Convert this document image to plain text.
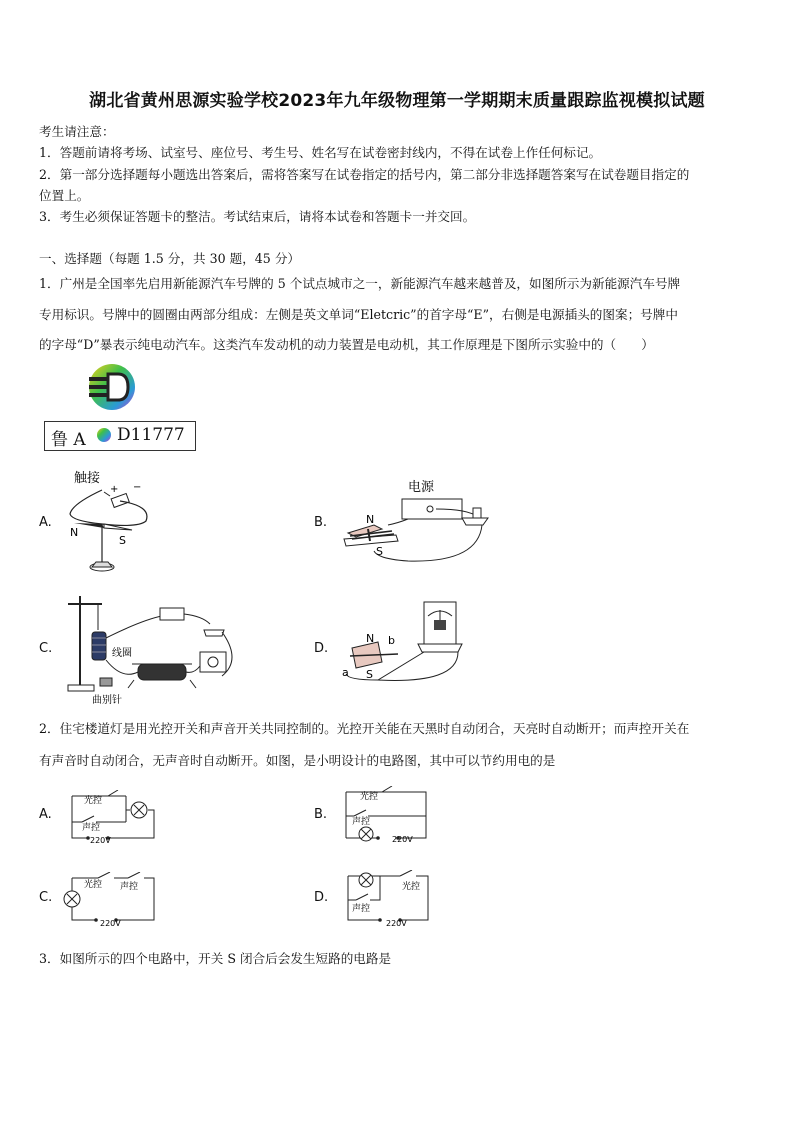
湖北省黄州思源实验学校2023年九年级物理第一学期期末质量跟踪监视模拟试题
考生请注意：
1．答题前请将考场、试室号、座位号、考生号、姓名写在试卷密封线内，不得在试卷上作任何标记。
2．第一部分选择题每小题选出答案后，需将答案写在试卷指定的括号内，第二部分非选择题答案写在试卷题目指定的
位置上。
3．考生必须保证答题卡的整洁。考试结束后，请将本试卷和答题卡一并交回。
一、选择题（每题 1.5 分，共 30 题，45 分）
1．广州是全国率先启用新能源汽车号牌的 5 个试点城市之一，新能源汽车越来越普及，如图所示为新能源汽车号牌
专用标识。号牌中的圆圈由两部分组成：左侧是英文单词“Eletcric”的首字母“E”，右侧是电源插头的图案；号牌中
的字母“D”暴表示纯电动汽车。这类汽车发动机的动力装置是电动机，其工作原理是下图所示实验中的（　　）
鲁 A D11777
A.	B.
C.	D.
触接
+ −
N
S
电源
N
S
线圈
曲别针
N b
a S
2．住宅楼道灯是用光控开关和声音开关共同控制的。光控开关能在天黑时自动闭合，天亮时自动断开；而声控开关在
有声音时自动闭合，无声音时自动断开。如图，是小明设计的电路图，其中可以节约用电的是
A.	B.
C.	D.
光控
声控
220V
光控
声控
220V
光控 声控
220V
光控
声控
220V
3．如图所示的四个电路中，开关 S 闭合后会发生短路的电路是
